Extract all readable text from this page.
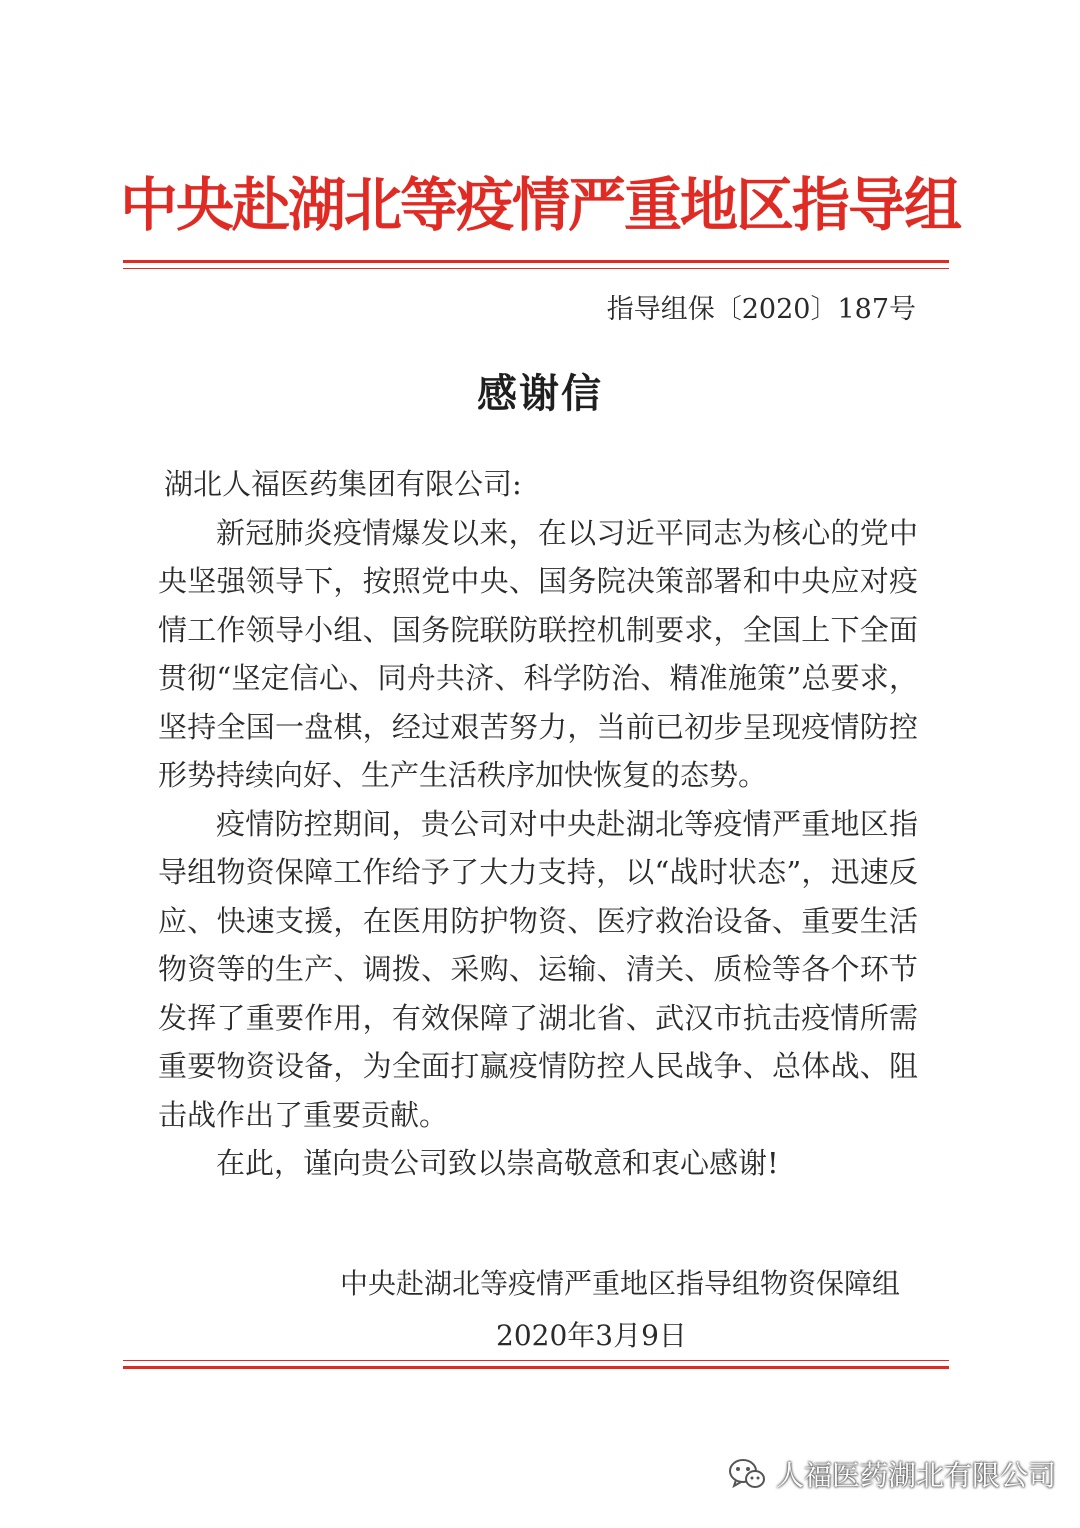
中央赴湖北等疫情严重地区指导组
指导组保〔2020〕187号
感谢信

湖北人福医药集团有限公司:

新冠肺炎疫情爆发以来，在以习近平同志为核心的党中央坚强领导下，按照党中央、国务院决策部署和中央应对疫情工作领导小组、国务院联防联控机制要求，全国上下全面贯彻“坚定信心、同舟共济、科学防治、精准施策”总要求，坚持全国一盘棋，经过艰苦努力，当前已初步呈现疫情防控形势持续向好、生产生活秩序加快恢复的态势。

疫情防控期间，贵公司对中央赴湖北等疫情严重地区指导组物资保障工作给予了大力支持，以“战时状态”，迅速反应、快速支援，在医用防护物资、医疗救治设备、重要生活物资等的生产、调拨、采购、运输、清关、质检等各个环节发挥了重要作用，有效保障了湖北省、武汉市抗击疫情所需重要物资设备，为全面打赢疫情防控人民战争、总体战、阻击战作出了重要贡献。

在此，谨向贵公司致以崇高敬意和衷心感谢!

中央赴湖北等疫情严重地区指导组物资保障组
2020年3月9日
人福医药湖北有限公司
